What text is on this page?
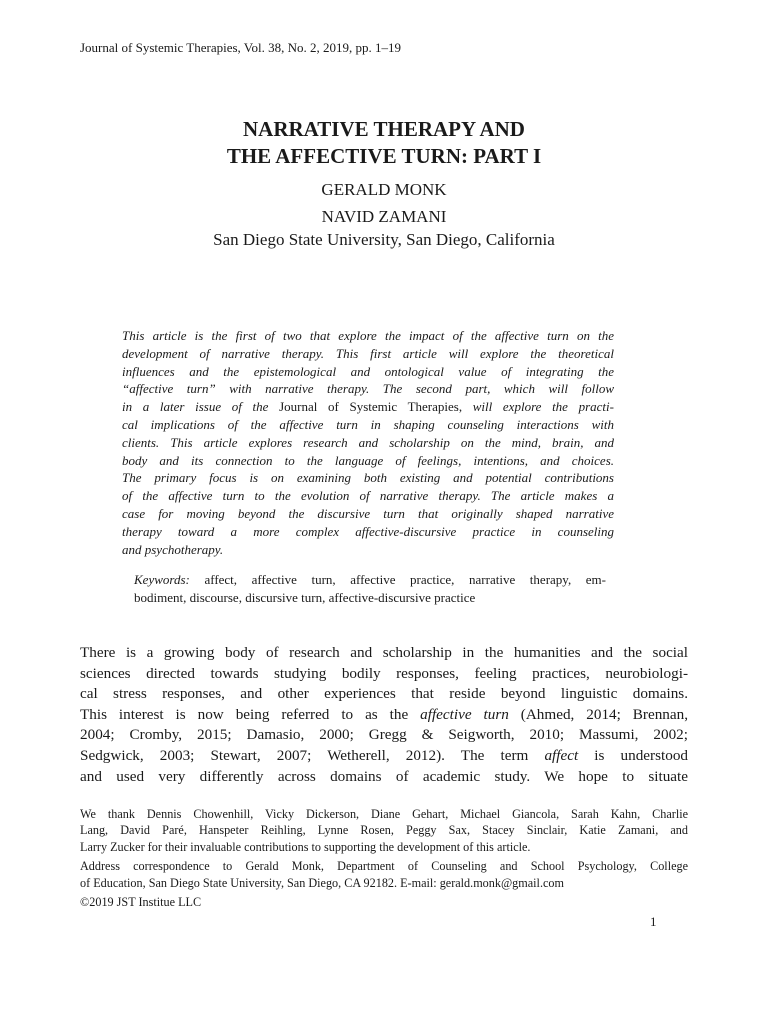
Journal of Systemic Therapies, Vol. 38, No. 2, 2019, pp. 1–19
NARRATIVE THERAPY AND
THE AFFECTIVE TURN: PART I
GERALD MONK
NAVID ZAMANI
San Diego State University, San Diego, California
This article is the first of two that explore the impact of the affective turn on the
development of narrative therapy. This first article will explore the theoretical
influences and the epistemological and ontological value of integrating the
“affective turn” with narrative therapy. The second part, which will follow
in a later issue of the Journal of Systemic Therapies, will explore the practi-
cal implications of the affective turn in shaping counseling interactions with
clients. This article explores research and scholarship on the mind, brain, and
body and its connection to the language of feelings, intentions, and choices.
The primary focus is on examining both existing and potential contributions
of the affective turn to the evolution of narrative therapy. The article makes a
case for moving beyond the discursive turn that originally shaped narrative
therapy toward a more complex affective-discursive practice in counseling
and psychotherapy.
Keywords: affect, affective turn, affective practice, narrative therapy, em-
bodiment, discourse, discursive turn, affective-discursive practice
There is a growing body of research and scholarship in the humanities and the social
sciences directed towards studying bodily responses, feeling practices, neurobiologi-
cal stress responses, and other experiences that reside beyond linguistic domains.
This interest is now being referred to as the affective turn (Ahmed, 2014; Brennan,
2004; Cromby, 2015; Damasio, 2000; Gregg & Seigworth, 2010; Massumi, 2002;
Sedgwick, 2003; Stewart, 2007; Wetherell, 2012). The term affect is understood
and used very differently across domains of academic study. We hope to situate

We thank Dennis Chowenhill, Vicky Dickerson, Diane Gehart, Michael Giancola, Sarah Kahn, Charlie
Lang, David Paré, Hanspeter Reihling, Lynne Rosen, Peggy Sax, Stacey Sinclair, Katie Zamani, and
Larry Zucker for their invaluable contributions to supporting the development of this article.

Address correspondence to Gerald Monk, Department of Counseling and School Psychology, College
of Education, San Diego State University, San Diego, CA 92182. E-mail: gerald.monk@gmail.com

©2019 JST Institue LLC

1
